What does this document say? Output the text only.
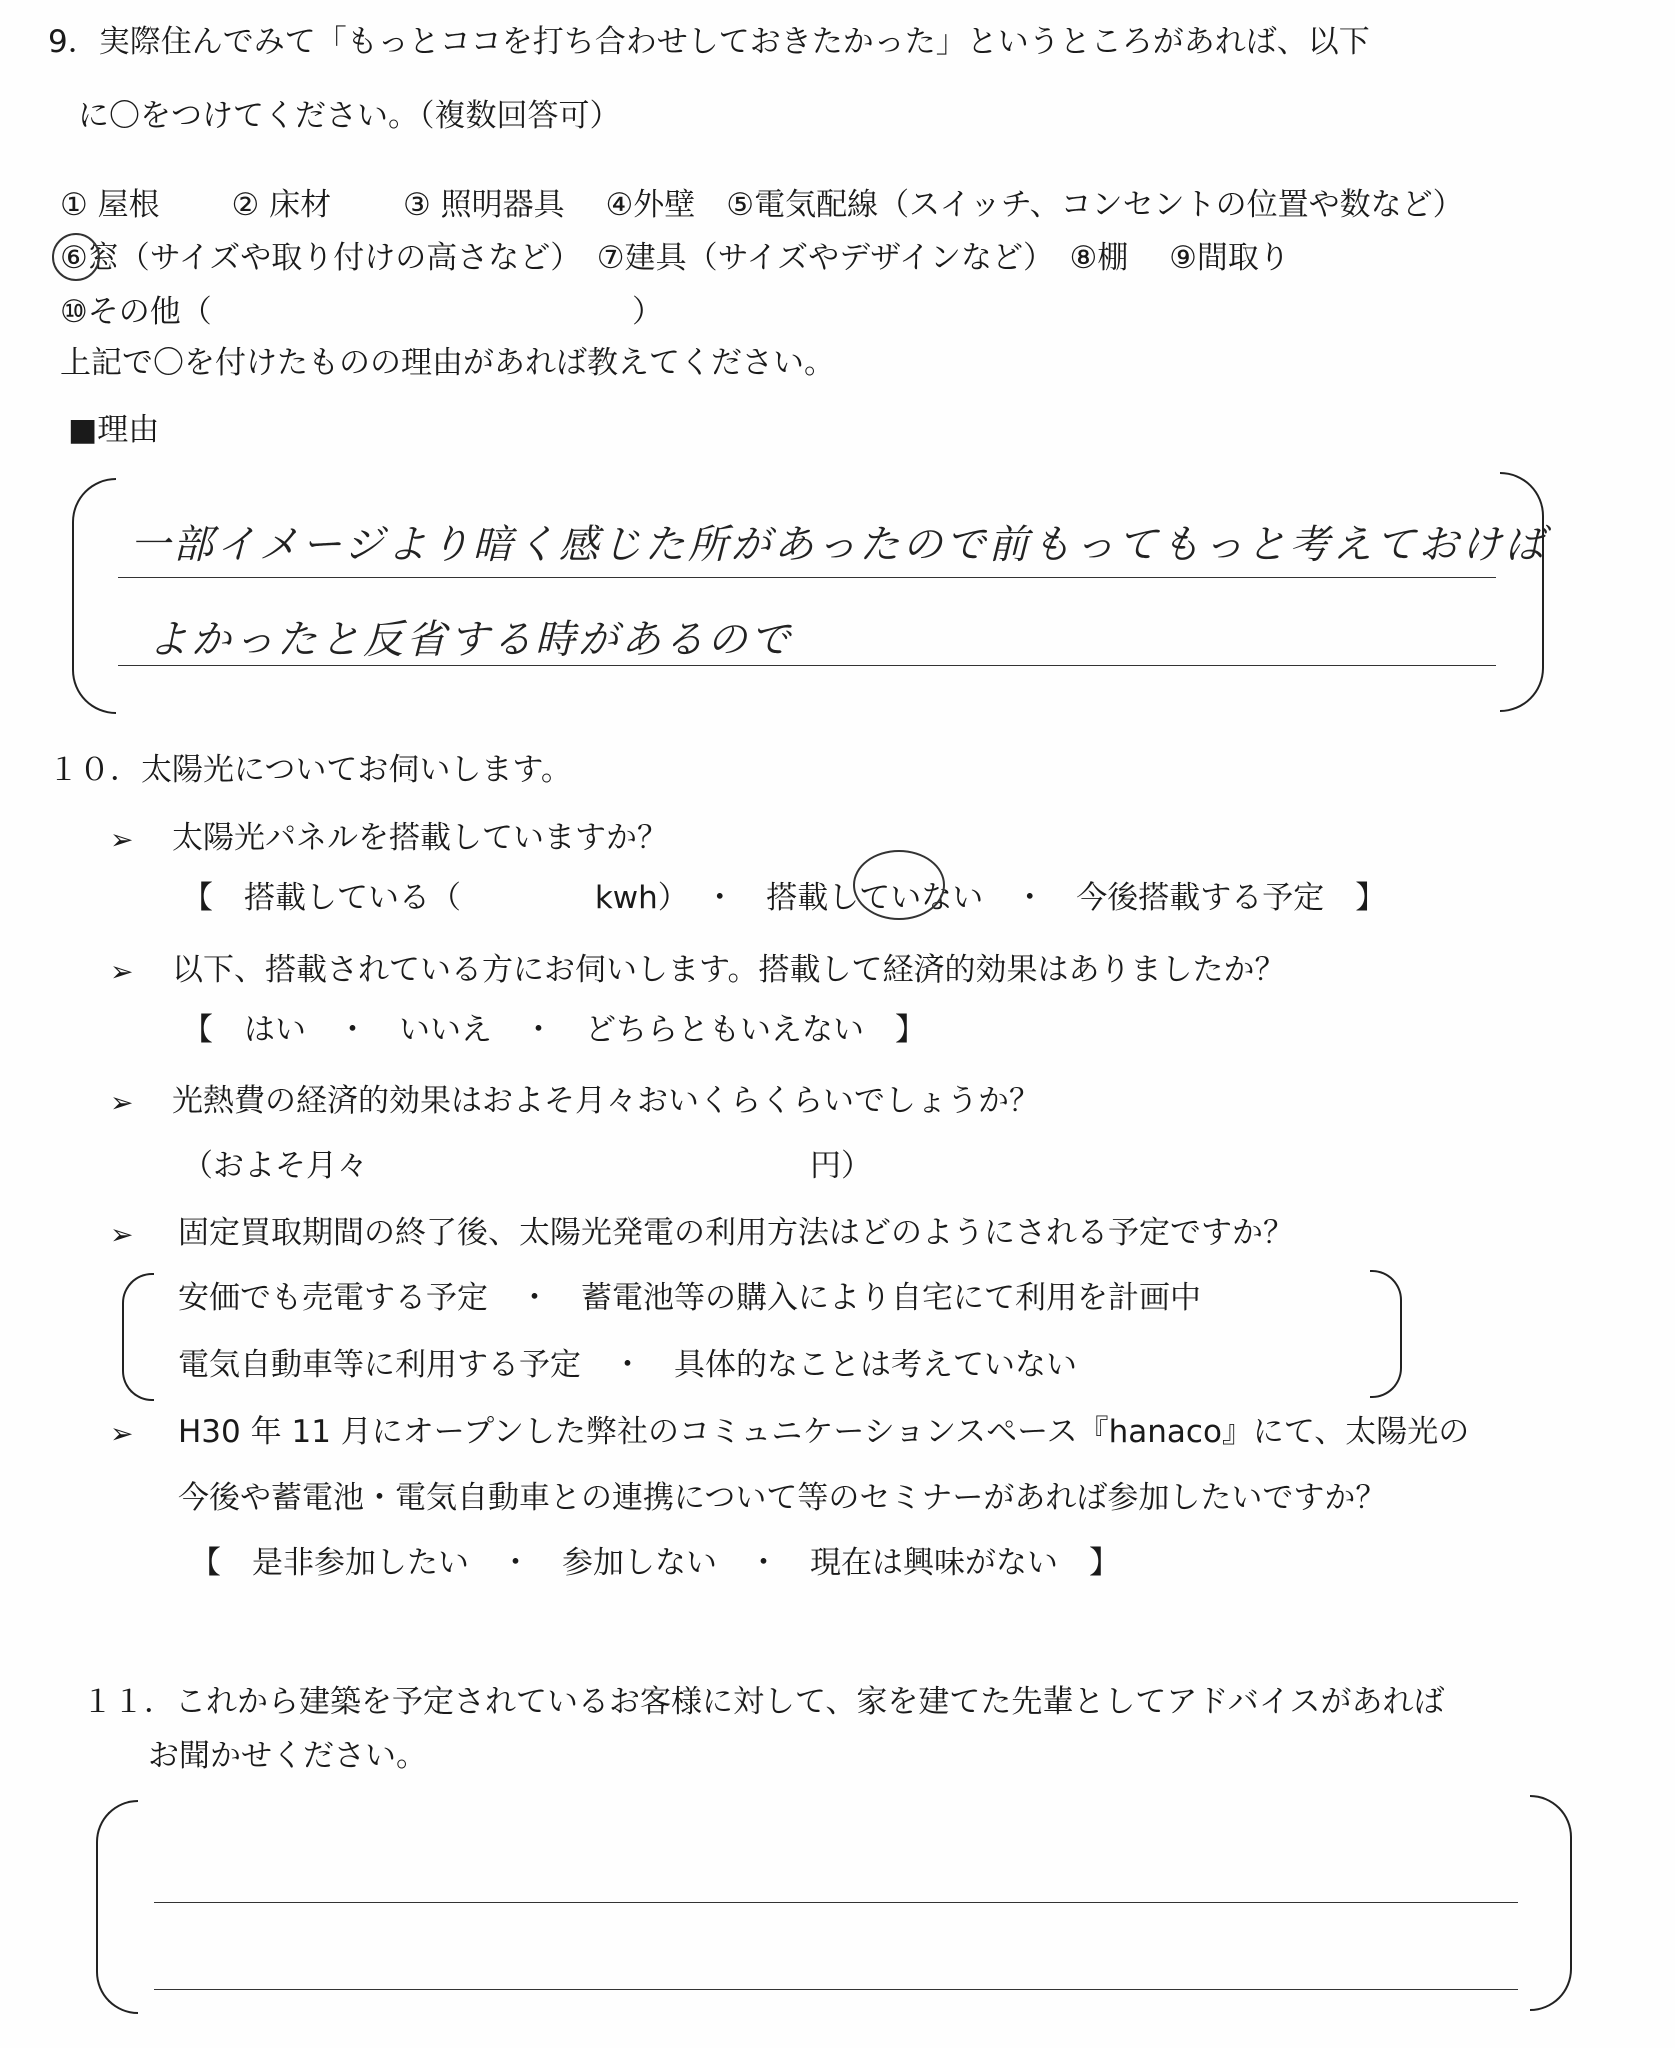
9．実際住んでみて「もっとココを打ち合わせしておきたかった」というところがあれば、以下
に〇をつけてください。（複数回答可）
① 屋根　　 ② 床材　　 ③ 照明器具　 ④外壁　⑤電気配線（スイッチ、コンセントの位置や数など）
⑥窓（サイズや取り付けの高さなど）　⑦建具（サイズやデザインなど）　⑧棚　 ⑨間取り
⑩その他（	）
上記で〇を付けたものの理由があれば教えてください。
■理由
一部イメージより暗く感じた所があったので前もってもっと考えておけば
よかったと反省する時があるので
１０．太陽光についてお伺いします。
➢ 太陽光パネルを搭載していますか？
【　搭載している（　　　　 kwh）　・　搭載していない　・　今後搭載する予定　】
➢ 以下、搭載されている方にお伺いします。搭載して経済的効果はありましたか？
【　はい　・　いいえ　・　どちらともいえない　】
➢ 光熱費の経済的効果はおよそ月々おいくらくらいでしょうか？
（およそ月々	円）
➢ 固定買取期間の終了後、太陽光発電の利用方法はどのようにされる予定ですか？
安価でも売電する予定　・　蓄電池等の購入により自宅にて利用を計画中
電気自動車等に利用する予定　・　具体的なことは考えていない
➢ H30 年 11 月にオープンした弊社のコミュニケーションスペース『hanaco』にて、太陽光の
今後や蓄電池・電気自動車との連携について等のセミナーがあれば参加したいですか？
【　是非参加したい　・　参加しない　・　現在は興味がない　】
１１．これから建築を予定されているお客様に対して、家を建てた先輩としてアドバイスがあれば
お聞かせください。
